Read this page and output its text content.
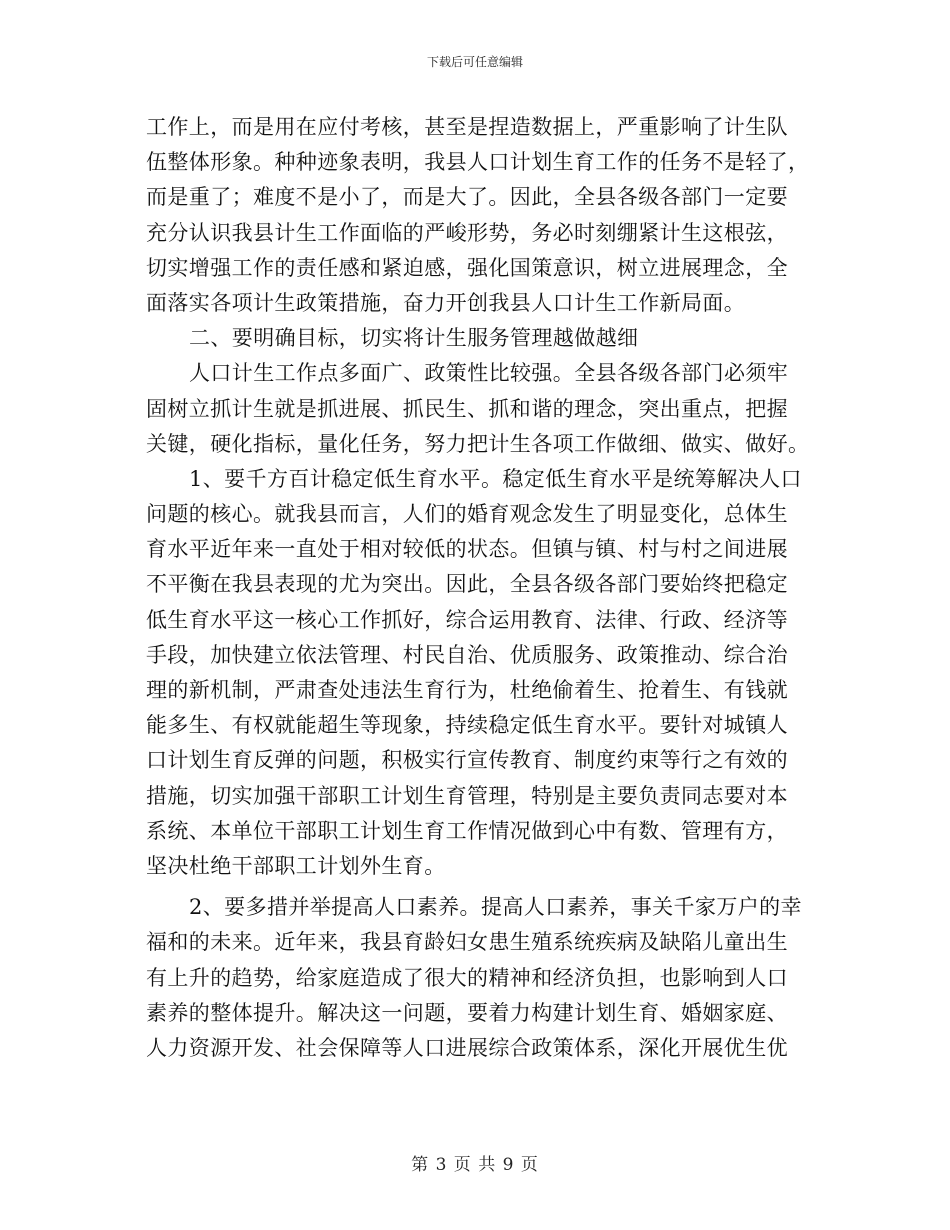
下载后可任意编辑
工作上，而是用在应付考核，甚至是捏造数据上，严重影响了计生队
伍整体形象。种种迹象表明，我县人口计划生育工作的任务不是轻了，
而是重了；难度不是小了，而是大了。因此，全县各级各部门一定要
充分认识我县计生工作面临的严峻形势，务必时刻绷紧计生这根弦，
切实增强工作的责任感和紧迫感，强化国策意识，树立进展理念，全
面落实各项计生政策措施，奋力开创我县人口计生工作新局面。
二、要明确目标，切实将计生服务管理越做越细
人口计生工作点多面广、政策性比较强。全县各级各部门必须牢
固树立抓计生就是抓进展、抓民生、抓和谐的理念，突出重点，把握
关键，硬化指标，量化任务，努力把计生各项工作做细、做实、做好。
1、要千方百计稳定低生育水平。稳定低生育水平是统筹解决人口
问题的核心。就我县而言，人们的婚育观念发生了明显变化，总体生
育水平近年来一直处于相对较低的状态。但镇与镇、村与村之间进展
不平衡在我县表现的尤为突出。因此，全县各级各部门要始终把稳定
低生育水平这一核心工作抓好，综合运用教育、法律、行政、经济等
手段，加快建立依法管理、村民自治、优质服务、政策推动、综合治
理的新机制，严肃查处违法生育行为，杜绝偷着生、抢着生、有钱就
能多生、有权就能超生等现象，持续稳定低生育水平。要针对城镇人
口计划生育反弹的问题，积极实行宣传教育、制度约束等行之有效的
措施，切实加强干部职工计划生育管理，特别是主要负责同志要对本
系统、本单位干部职工计划生育工作情况做到心中有数、管理有方，
坚决杜绝干部职工计划外生育。
2、要多措并举提高人口素养。提高人口素养，事关千家万户的幸
福和的未来。近年来，我县育龄妇女患生殖系统疾病及缺陷儿童出生
有上升的趋势，给家庭造成了很大的精神和经济负担，也影响到人口
素养的整体提升。解决这一问题，要着力构建计划生育、婚姻家庭、
人力资源开发、社会保障等人口进展综合政策体系，深化开展优生优
第 3 页 共 9 页
